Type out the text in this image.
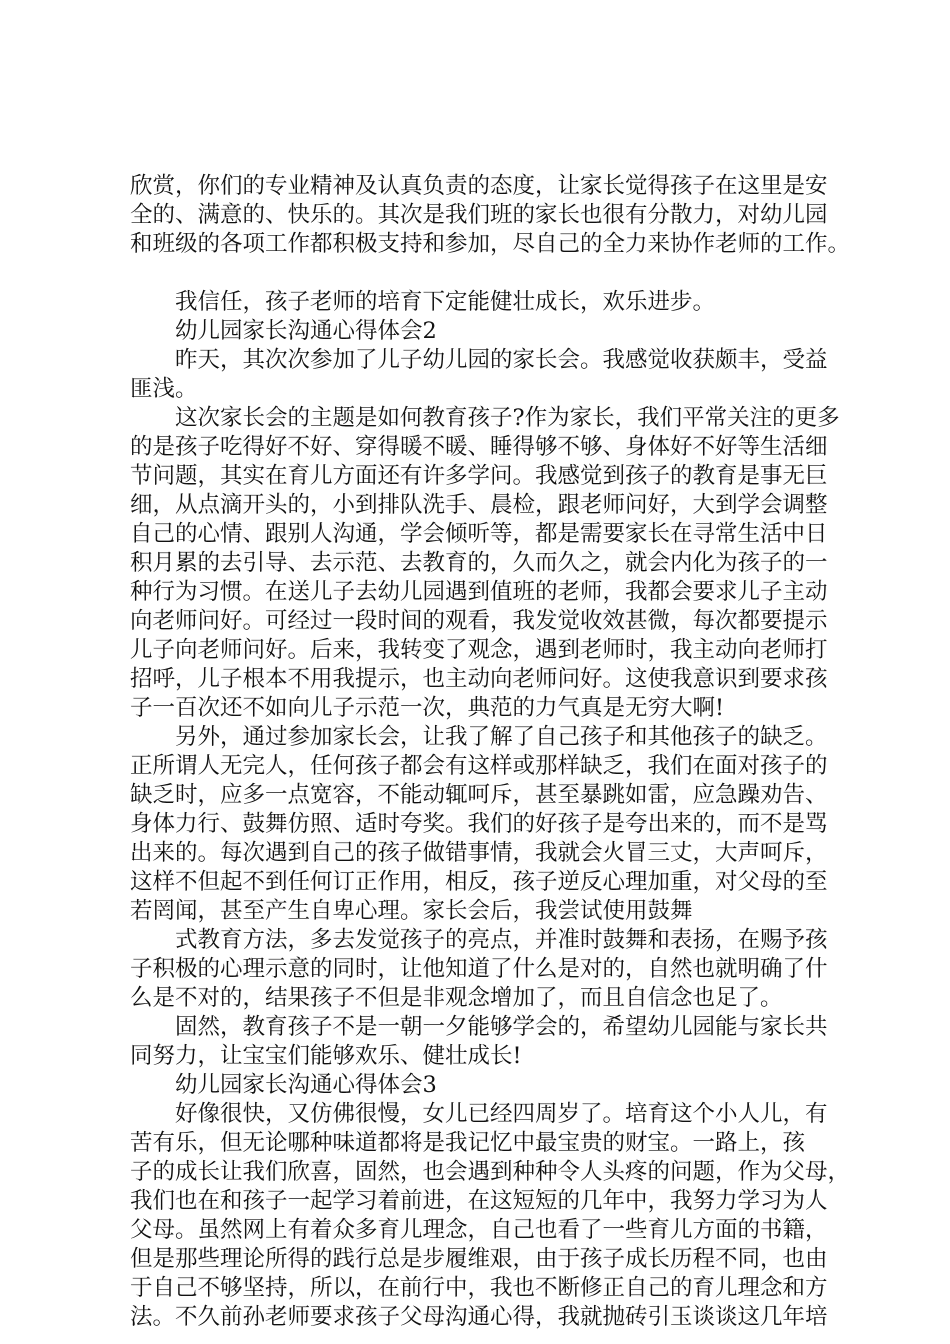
欣赏，你们的专业精神及认真负责的态度，让家长觉得孩子在这里是安
全的、满意的、快乐的。其次是我们班的家长也很有分散力，对幼儿园
和班级的各项工作都积极支持和参加，尽自己的全力来协作老师的工作。
我信任，孩子老师的培育下定能健壮成长，欢乐进步。
幼儿园家长沟通心得体会2
昨天，其次次参加了儿子幼儿园的家长会。我感觉收获颇丰，受益
匪浅。
这次家长会的主题是如何教育孩子?作为家长，我们平常关注的更多
的是孩子吃得好不好、穿得暖不暖、睡得够不够、身体好不好等生活细
节问题，其实在育儿方面还有许多学问。我感觉到孩子的教育是事无巨
细，从点滴开头的，小到排队洗手、晨检，跟老师问好，大到学会调整
自己的心情、跟别人沟通，学会倾听等，都是需要家长在寻常生活中日
积月累的去引导、去示范、去教育的，久而久之，就会内化为孩子的一
种行为习惯。在送儿子去幼儿园遇到值班的老师，我都会要求儿子主动
向老师问好。可经过一段时间的观看，我发觉收效甚微，每次都要提示
儿子向老师问好。后来，我转变了观念，遇到老师时，我主动向老师打
招呼，儿子根本不用我提示，也主动向老师问好。这使我意识到要求孩
子一百次还不如向儿子示范一次，典范的力气真是无穷大啊!
另外，通过参加家长会，让我了解了自己孩子和其他孩子的缺乏。
正所谓人无完人，任何孩子都会有这样或那样缺乏，我们在面对孩子的
缺乏时，应多一点宽容，不能动辄呵斥，甚至暴跳如雷，应急躁劝告、
身体力行、鼓舞仿照、适时夸奖。我们的好孩子是夸出来的，而不是骂
出来的。每次遇到自己的孩子做错事情，我就会火冒三丈，大声呵斥，
这样不但起不到任何订正作用，相反，孩子逆反心理加重，对父母的至
若罔闻，甚至产生自卑心理。家长会后，我尝试使用鼓舞
式教育方法，多去发觉孩子的亮点，并准时鼓舞和表扬，在赐予孩
子积极的心理示意的同时，让他知道了什么是对的，自然也就明确了什
么是不对的，结果孩子不但是非观念增加了，而且自信念也足了。
固然，教育孩子不是一朝一夕能够学会的，希望幼儿园能与家长共
同努力，让宝宝们能够欢乐、健壮成长!
幼儿园家长沟通心得体会3
好像很快，又仿佛很慢，女儿已经四周岁了。培育这个小人儿，有
苦有乐，但无论哪种味道都将是我记忆中最宝贵的财宝。一路上，孩
子的成长让我们欣喜，固然，也会遇到种种令人头疼的问题，作为父母，
我们也在和孩子一起学习着前进，在这短短的几年中，我努力学习为人
父母。虽然网上有着众多育儿理念，自己也看了一些育儿方面的书籍，
但是那些理论所得的践行总是步履维艰，由于孩子成长历程不同，也由
于自己不够坚持，所以，在前行中，我也不断修正自己的育儿理念和方
法。不久前孙老师要求孩子父母沟通心得，我就抛砖引玉谈谈这几年培
